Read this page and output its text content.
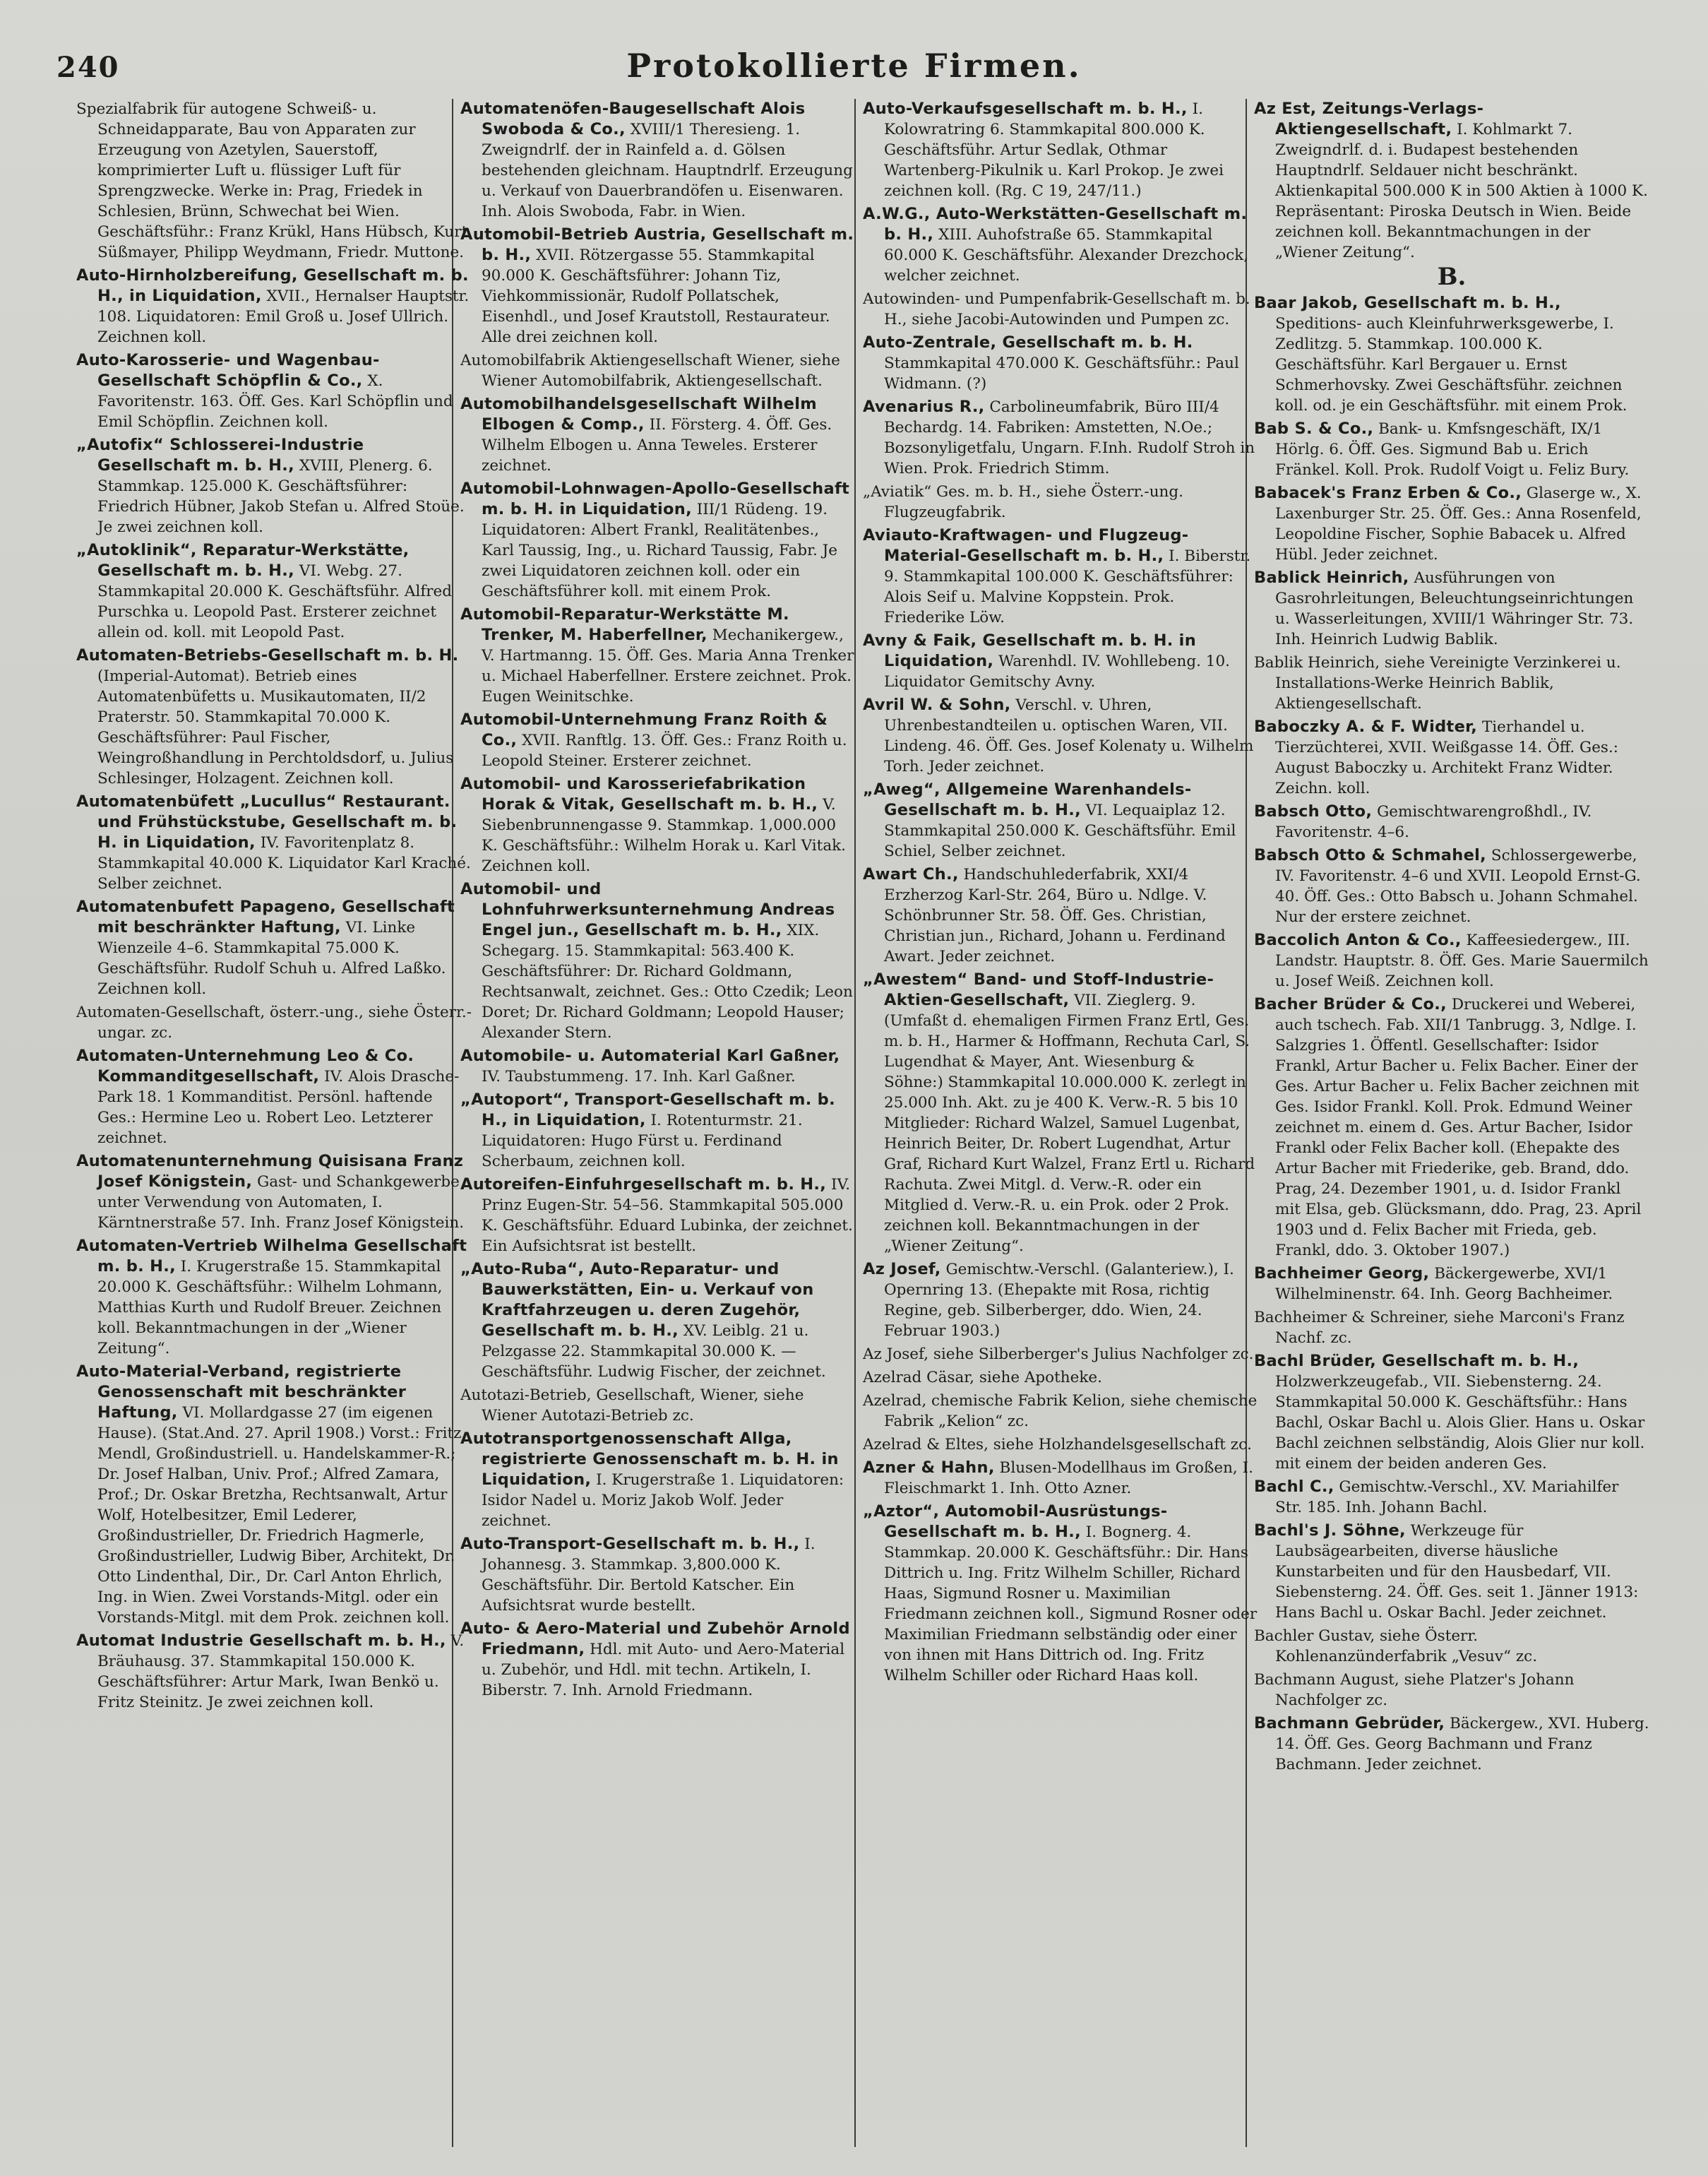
240	Protokollierte Firmen.
Spezialfabrik für autogene Schweiß- u. Schneidapparate, Bau von Apparaten zur Erzeugung von Azetylen, Sauerstoff, komprimierter Luft u. flüssiger Luft für Sprengzwecke. Werke in: Prag, Friedek in Schlesien, Brünn, Schwechat bei Wien. Geschäftsführ.: Franz Krükl, Hans Hübsch, Kurt Süßmayer, Philipp Weydmann, Friedr. Muttone.
Auto-Hirnholzbereifung, Gesellschaft m. b. H., in Liquidation, XVII., Hernalser Hauptstr. 108. Liquidatoren: Emil Groß u. Josef Ullrich. Zeichnen koll.
Auto-Karosserie- und Wagenbau-Gesellschaft Schöpflin & Co., X. Favoritenstr. 163. Öff. Ges. Karl Schöpflin und Emil Schöpflin. Zeichnen koll.
„Autofix“ Schlosserei-Industrie Gesellschaft m. b. H., XVIII, Plenerg. 6. Stammkap. 125.000 K. Geschäftsführer: Friedrich Hübner, Jakob Stefan u. Alfred Stoüe. Je zwei zeichnen koll.
„Autoklinik“, Reparatur-Werkstätte, Gesellschaft m. b. H., VI. Webg. 27. Stammkapital 20.000 K. Geschäftsführ. Alfred Purschka u. Leopold Past. Ersterer zeichnet allein od. koll. mit Leopold Past.
Automaten-Betriebs-Gesellschaft m. b. H. (Imperial-Automat). Betrieb eines Automatenbüfetts u. Musikautomaten, II/2 Praterstr. 50. Stammkapital 70.000 K. Geschäftsführer: Paul Fischer, Weingroßhandlung in Perchtoldsdorf, u. Julius Schlesinger, Holzagent. Zeichnen koll.
Automatenbüfett „Lucullus“ Restaurant. und Frühstückstube, Gesellschaft m. b. H. in Liquidation, IV. Favoritenplatz 8. Stammkapital 40.000 K. Liquidator Karl Kraché. Selber zeichnet.
Automatenbufett Papageno, Gesellschaft mit beschränkter Haftung, VI. Linke Wienzeile 4–6. Stammkapital 75.000 K. Geschäftsführ. Rudolf Schuh u. Alfred Laßko. Zeichnen koll.
Automaten-Gesellschaft, österr.-ung., siehe Österr.-ungar. zc.
Automaten-Unternehmung Leo & Co. Kommanditgesellschaft, IV. Alois Drasche-Park 18. 1 Kommanditist. Persönl. haftende Ges.: Hermine Leo u. Robert Leo. Letzterer zeichnet.
Automatenunternehmung Quisisana Franz Josef Königstein, Gast- und Schankgewerbe unter Verwendung von Automaten, I. Kärntnerstraße 57. Inh. Franz Josef Königstein.
Automaten-Vertrieb Wilhelma Gesellschaft m. b. H., I. Krugerstraße 15. Stammkapital 20.000 K. Geschäftsführ.: Wilhelm Lohmann, Matthias Kurth und Rudolf Breuer. Zeichnen koll. Bekanntmachungen in der „Wiener Zeitung“.
Auto-Material-Verband, registrierte Genossenschaft mit beschränkter Haftung, VI. Mollardgasse 27 (im eigenen Hause). (Stat.And. 27. April 1908.) Vorst.: Fritz Mendl, Großindustriell. u. Handelskammer-R.; Dr. Josef Halban, Univ. Prof.; Alfred Zamara, Prof.; Dr. Oskar Bretzha, Rechtsanwalt, Artur Wolf, Hotelbesitzer, Emil Lederer, Großindustrieller, Dr. Friedrich Hagmerle, Großindustrieller, Ludwig Biber, Architekt, Dr. Otto Lindenthal, Dir., Dr. Carl Anton Ehrlich, Ing. in Wien. Zwei Vorstands-Mitgl. oder ein Vorstands-Mitgl. mit dem Prok. zeichnen koll.
Automat Industrie Gesellschaft m. b. H., V. Bräuhausg. 37. Stammkapital 150.000 K. Geschäftsführer: Artur Mark, Iwan Benkö u. Fritz Steinitz. Je zwei zeichnen koll.
Automatenöfen-Baugesellschaft Alois Swoboda & Co., XVIII/1 Theresieng. 1. Zweigndrlf. der in Rainfeld a. d. Gölsen bestehenden gleichnam. Hauptndrlf. Erzeugung u. Verkauf von Dauerbrandöfen u. Eisenwaren. Inh. Alois Swoboda, Fabr. in Wien.
Automobil-Betrieb Austria, Gesellschaft m. b. H., XVII. Rötzergasse 55. Stammkapital 90.000 K. Geschäftsführer: Johann Tiz, Viehkommissionär, Rudolf Pollatschek, Eisenhdl., und Josef Krautstoll, Restaurateur. Alle drei zeichnen koll.
Automobilfabrik Aktiengesellschaft Wiener, siehe Wiener Automobilfabrik, Aktiengesellschaft.
Automobilhandelsgesellschaft Wilhelm Elbogen & Comp., II. Försterg. 4. Öff. Ges. Wilhelm Elbogen u. Anna Teweles. Ersterer zeichnet.
Automobil-Lohnwagen-Apollo-Gesellschaft m. b. H. in Liquidation, III/1 Rüdeng. 19. Liquidatoren: Albert Frankl, Realitätenbes., Karl Taussig, Ing., u. Richard Taussig, Fabr. Je zwei Liquidatoren zeichnen koll. oder ein Geschäftsführer koll. mit einem Prok.
Automobil-Reparatur-Werkstätte M. Trenker, M. Haberfellner, Mechanikergew., V. Hartmanng. 15. Öff. Ges. Maria Anna Trenker u. Michael Haberfellner. Erstere zeichnet. Prok. Eugen Weinitschke.
Automobil-Unternehmung Franz Roith & Co., XVII. Ranftlg. 13. Öff. Ges.: Franz Roith u. Leopold Steiner. Ersterer zeichnet.
Automobil- und Karosseriefabrikation Horak & Vitak, Gesellschaft m. b. H., V. Siebenbrunnengasse 9. Stammkap. 1,000.000 K. Geschäftsführ.: Wilhelm Horak u. Karl Vitak. Zeichnen koll.
Automobil- und Lohnfuhrwerksunternehmung Andreas Engel jun., Gesellschaft m. b. H., XIX. Schegarg. 15. Stammkapital: 563.400 K. Geschäftsführer: Dr. Richard Goldmann, Rechtsanwalt, zeichnet. Ges.: Otto Czedik; Leon Doret; Dr. Richard Goldmann; Leopold Hauser; Alexander Stern.
Automobile- u. Automaterial Karl Gaßner, IV. Taubstummeng. 17. Inh. Karl Gaßner.
„Autoport“, Transport-Gesellschaft m. b. H., in Liquidation, I. Rotenturmstr. 21. Liquidatoren: Hugo Fürst u. Ferdinand Scherbaum, zeichnen koll.
Autoreifen-Einfuhrgesellschaft m. b. H., IV. Prinz Eugen-Str. 54–56. Stammkapital 505.000 K. Geschäftsführ. Eduard Lubinka, der zeichnet. Ein Aufsichtsrat ist bestellt.
„Auto-Ruba“, Auto-Reparatur- und Bauwerkstätten, Ein- u. Verkauf von Kraftfahrzeugen u. deren Zugehör, Gesellschaft m. b. H., XV. Leiblg. 21 u. Pelzgasse 22. Stammkapital 30.000 K. — Geschäftsführ. Ludwig Fischer, der zeichnet.
Autotazi-Betrieb, Gesellschaft, Wiener, siehe Wiener Autotazi-Betrieb zc.
Autotransportgenossenschaft Allga, registrierte Genossenschaft m. b. H. in Liquidation, I. Krugerstraße 1. Liquidatoren: Isidor Nadel u. Moriz Jakob Wolf. Jeder zeichnet.
Auto-Transport-Gesellschaft m. b. H., I. Johannesg. 3. Stammkap. 3,800.000 K. Geschäftsführ. Dir. Bertold Katscher. Ein Aufsichtsrat wurde bestellt.
Auto- & Aero-Material und Zubehör Arnold Friedmann, Hdl. mit Auto- und Aero-Material u. Zubehör, und Hdl. mit techn. Artikeln, I. Biberstr. 7. Inh. Arnold Friedmann.
Auto-Verkaufsgesellschaft m. b. H., I. Kolowratring 6. Stammkapital 800.000 K. Geschäftsführ. Artur Sedlak, Othmar Wartenberg-Pikulnik u. Karl Prokop. Je zwei zeichnen koll. (Rg. C 19, 247/11.)
A.W.G., Auto-Werkstätten-Gesellschaft m. b. H., XIII. Auhofstraße 65. Stammkapital 60.000 K. Geschäftsführ. Alexander Drezchock, welcher zeichnet.
Autowinden- und Pumpenfabrik-Gesellschaft m. b. H., siehe Jacobi-Autowinden und Pumpen zc.
Auto-Zentrale, Gesellschaft m. b. H. Stammkapital 470.000 K. Geschäftsführ.: Paul Widmann. (?)
Avenarius R., Carbolineumfabrik, Büro III/4 Bechardg. 14. Fabriken: Amstetten, N.Oe.; Bozsonyligetfalu, Ungarn. F.Inh. Rudolf Stroh in Wien. Prok. Friedrich Stimm.
„Aviatik“ Ges. m. b. H., siehe Österr.-ung. Flugzeugfabrik.
Aviauto-Kraftwagen- und Flugzeug-Material-Gesellschaft m. b. H., I. Biberstr. 9. Stammkapital 100.000 K. Geschäftsführer: Alois Seif u. Malvine Koppstein. Prok. Friederike Löw.
Avny & Faik, Gesellschaft m. b. H. in Liquidation, Warenhdl. IV. Wohllebeng. 10. Liquidator Gemitschy Avny.
Avril W. & Sohn, Verschl. v. Uhren, Uhrenbestandteilen u. optischen Waren, VII. Lindeng. 46. Öff. Ges. Josef Kolenaty u. Wilhelm Torh. Jeder zeichnet.
„Aweg“, Allgemeine Warenhandels-Gesellschaft m. b. H., VI. Lequaiplaz 12. Stammkapital 250.000 K. Geschäftsführ. Emil Schiel, Selber zeichnet.
Awart Ch., Handschuhlederfabrik, XXI/4 Erzherzog Karl-Str. 264, Büro u. Ndlge. V. Schönbrunner Str. 58. Öff. Ges. Christian, Christian jun., Richard, Johann u. Ferdinand Awart. Jeder zeichnet.
„Awestem“ Band- und Stoff-Industrie-Aktien-Gesellschaft, VII. Zieglerg. 9. (Umfaßt d. ehemaligen Firmen Franz Ertl, Ges. m. b. H., Harmer & Hoffmann, Rechuta Carl, S. Lugendhat & Mayer, Ant. Wiesenburg & Söhne:) Stammkapital 10.000.000 K. zerlegt in 25.000 Inh. Akt. zu je 400 K. Verw.-R. 5 bis 10 Mitglieder: Richard Walzel, Samuel Lugenbat, Heinrich Beiter, Dr. Robert Lugendhat, Artur Graf, Richard Kurt Walzel, Franz Ertl u. Richard Rachuta. Zwei Mitgl. d. Verw.-R. oder ein Mitglied d. Verw.-R. u. ein Prok. oder 2 Prok. zeichnen koll. Bekanntmachungen in der „Wiener Zeitung“.
Az Josef, Gemischtw.-Verschl. (Galanteriew.), I. Opernring 13. (Ehepakte mit Rosa, richtig Regine, geb. Silberberger, ddo. Wien, 24. Februar 1903.)
Az Josef, siehe Silberberger's Julius Nachfolger zc.
Azelrad Cäsar, siehe Apotheke.
Azelrad, chemische Fabrik Kelion, siehe chemische Fabrik „Kelion“ zc.
Azelrad & Eltes, siehe Holzhandelsgesellschaft zc.
Azner & Hahn, Blusen-Modellhaus im Großen, I. Fleischmarkt 1. Inh. Otto Azner.
„Aztor“, Automobil-Ausrüstungs-Gesellschaft m. b. H., I. Bognerg. 4. Stammkap. 20.000 K. Geschäftsführ.: Dir. Hans Dittrich u. Ing. Fritz Wilhelm Schiller, Richard Haas, Sigmund Rosner u. Maximilian Friedmann zeichnen koll., Sigmund Rosner oder Maximilian Friedmann selbständig oder einer von ihnen mit Hans Dittrich od. Ing. Fritz Wilhelm Schiller oder Richard Haas koll.
Az Est, Zeitungs-Verlags-Aktiengesellschaft, I. Kohlmarkt 7. Zweigndrlf. d. i. Budapest bestehenden Hauptndrlf. Seldauer nicht beschränkt. Aktienkapital 500.000 K in 500 Aktien à 1000 K. Repräsentant: Piroska Deutsch in Wien. Beide zeichnen koll. Bekanntmachungen in der „Wiener Zeitung“.
B.
Baar Jakob, Gesellschaft m. b. H., Speditions- auch Kleinfuhrwerksgewerbe, I. Zedlitzg. 5. Stammkap. 100.000 K. Geschäftsführ. Karl Bergauer u. Ernst Schmerhovsky. Zwei Geschäftsführ. zeichnen koll. od. je ein Geschäftsführ. mit einem Prok.
Bab S. & Co., Bank- u. Kmfsngeschäft, IX/1 Hörlg. 6. Öff. Ges. Sigmund Bab u. Erich Fränkel. Koll. Prok. Rudolf Voigt u. Feliz Bury.
Babacek's Franz Erben & Co., Glaserge w., X. Laxenburger Str. 25. Öff. Ges.: Anna Rosenfeld, Leopoldine Fischer, Sophie Babacek u. Alfred Hübl. Jeder zeichnet.
Bablick Heinrich, Ausführungen von Gasrohrleitungen, Beleuchtungseinrichtungen u. Wasserleitungen, XVIII/1 Währinger Str. 73. Inh. Heinrich Ludwig Bablik.
Bablik Heinrich, siehe Vereinigte Verzinkerei u. Installations-Werke Heinrich Bablik, Aktiengesellschaft.
Baboczky A. & F. Widter, Tierhandel u. Tierzüchterei, XVII. Weißgasse 14. Öff. Ges.: August Baboczky u. Architekt Franz Widter. Zeichn. koll.
Babsch Otto, Gemischtwarengroßhdl., IV. Favoritenstr. 4–6.
Babsch Otto & Schmahel, Schlossergewerbe, IV. Favoritenstr. 4–6 und XVII. Leopold Ernst-G. 40. Öff. Ges.: Otto Babsch u. Johann Schmahel. Nur der erstere zeichnet.
Baccolich Anton & Co., Kaffeesiedergew., III. Landstr. Hauptstr. 8. Öff. Ges. Marie Sauermilch u. Josef Weiß. Zeichnen koll.
Bacher Brüder & Co., Druckerei und Weberei, auch tschech. Fab. XII/1 Tanbrugg. 3, Ndlge. I. Salzgries 1. Öffentl. Gesellschafter: Isidor Frankl, Artur Bacher u. Felix Bacher. Einer der Ges. Artur Bacher u. Felix Bacher zeichnen mit Ges. Isidor Frankl. Koll. Prok. Edmund Weiner zeichnet m. einem d. Ges. Artur Bacher, Isidor Frankl oder Felix Bacher koll. (Ehepakte des Artur Bacher mit Friederike, geb. Brand, ddo. Prag, 24. Dezember 1901, u. d. Isidor Frankl mit Elsa, geb. Glücksmann, ddo. Prag, 23. April 1903 und d. Felix Bacher mit Frieda, geb. Frankl, ddo. 3. Oktober 1907.)
Bachheimer Georg, Bäckergewerbe, XVI/1 Wilhelminenstr. 64. Inh. Georg Bachheimer.
Bachheimer & Schreiner, siehe Marconi's Franz Nachf. zc.
Bachl Brüder, Gesellschaft m. b. H., Holzwerkzeugefab., VII. Siebensterng. 24. Stammkapital 50.000 K. Geschäftsführ.: Hans Bachl, Oskar Bachl u. Alois Glier. Hans u. Oskar Bachl zeichnen selbständig, Alois Glier nur koll. mit einem der beiden anderen Ges.
Bachl C., Gemischtw.-Verschl., XV. Mariahilfer Str. 185. Inh. Johann Bachl.
Bachl's J. Söhne, Werkzeuge für Laubsägearbeiten, diverse häusliche Kunstarbeiten und für den Hausbedarf, VII. Siebensterng. 24. Öff. Ges. seit 1. Jänner 1913: Hans Bachl u. Oskar Bachl. Jeder zeichnet.
Bachler Gustav, siehe Österr. Kohlenanzünderfabrik „Vesuv“ zc.
Bachmann August, siehe Platzer's Johann Nachfolger zc.
Bachmann Gebrüder, Bäckergew., XVI. Huberg. 14. Öff. Ges. Georg Bachmann und Franz Bachmann. Jeder zeichnet.
